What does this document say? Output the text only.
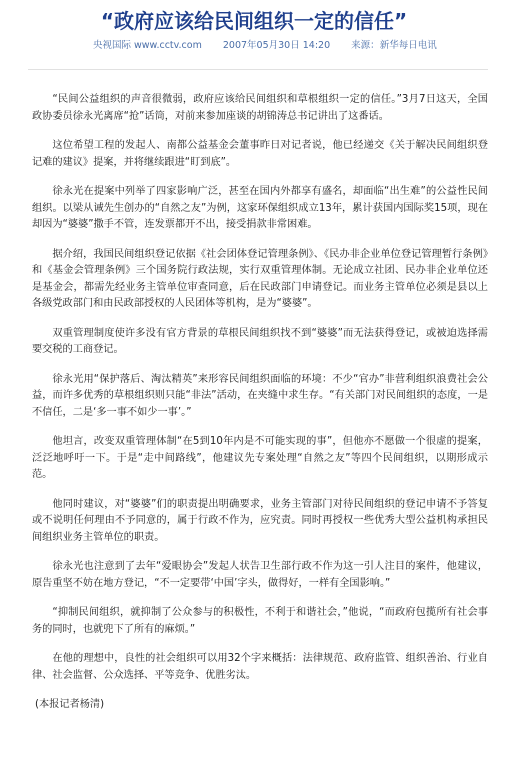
“政府应该给民间组织一定的信任”
央视国际 www.cctv.com 2007年05月30日 14:20 来源：新华每日电讯

“民间公益组织的声音很微弱，政府应该给民间组织和草根组织一定的信任。”3月7日这天，全国政协委员徐永光离席“抢”话筒，对前来参加座谈的胡锦涛总书记讲出了这番话。

这位希望工程的发起人、南都公益基金会董事昨日对记者说，他已经递交《关于解决民间组织登记难的建议》提案，并将继续跟进“盯到底”。

徐永光在提案中列举了四家影响广泛，甚至在国内外都享有盛名，却面临“出生难”的公益性民间组织。以梁从诫先生创办的“自然之友”为例，这家环保组织成立13年，累计获国内国际奖15项，现在却因为“婆婆”撒手不管，连发票都开不出，接受捐款非常困难。

据介绍，我国民间组织登记依据《社会团体登记管理条例》、《民办非企业单位登记管理暂行条例》和《基金会管理条例》三个国务院行政法规，实行双重管理体制。无论成立社团、民办非企业单位还是基金会，都需先经业务主管单位审查同意，后在民政部门申请登记。而业务主管单位必须是县以上各级党政部门和由民政部授权的人民团体等机构，是为“婆婆”。

双重管理制度使许多没有官方背景的草根民间组织找不到“婆婆”而无法获得登记，或被迫选择需要交税的工商登记。

徐永光用“保护落后、淘汰精英”来形容民间组织面临的环境：不少“官办”非营利组织浪费社会公益，而许多优秀的草根组织则只能“非法”活动，在夹缝中求生存。“有关部门对民间组织的态度，一是不信任，二是‘多一事不如少一事’。”

他坦言，改变双重管理体制“在5到10年内是不可能实现的事”，但他亦不愿做一个很虚的提案，泛泛地呼吁一下。于是“走中间路线”，他建议先专案处理“自然之友”等四个民间组织，以期形成示范。

他同时建议，对“婆婆”们的职责提出明确要求，业务主管部门对待民间组织的登记申请不予答复或不说明任何理由不予同意的，属于行政不作为，应究责。同时再授权一些优秀大型公益机构承担民间组织业务主管单位的职责。

徐永光也注意到了去年“爱眼协会”发起人状告卫生部行政不作为这一引人注目的案件，他建议，原告重坚不妨在地方登记，“不一定要带‘中国’字头，做得好，一样有全国影响。”

“抑制民间组织，就抑制了公众参与的积极性，不利于和谐社会，”他说，“而政府包揽所有社会事务的同时，也就兜下了所有的麻烦。”

在他的理想中，良性的社会组织可以用32个字来概括：法律规范、政府监管、组织善治、行业自律、社会监督、公众选择、平等竞争、优胜劣汰。

(本报记者杨清)
